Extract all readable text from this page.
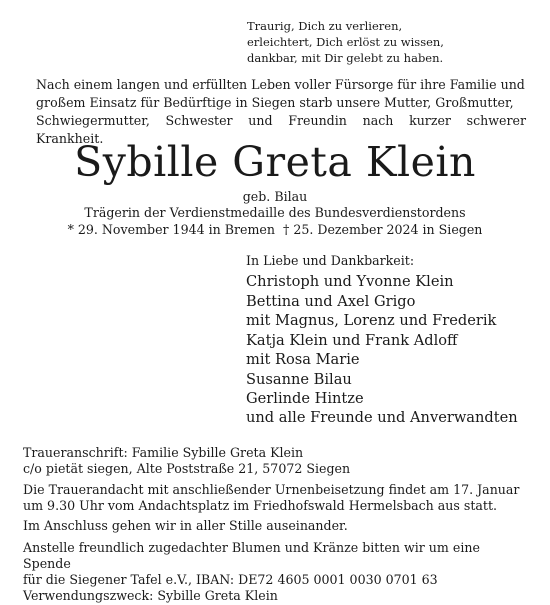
Traurig, Dich zu verlieren,
erleichtert, Dich erlöst zu wissen,
dankbar, mit Dir gelebt zu haben.
Nach einem langen und erfüllten Leben voller Fürsorge für ihre Familie und
großem Einsatz für Bedürftige in Siegen starb unsere Mutter, Großmutter,
Schwiegermutter, Schwester und Freundin nach kurzer schwerer Krankheit.
Sybille Greta Klein
geb. Bilau
Trägerin der Verdienstmedaille des Bundesverdienstordens
* 29. November 1944 in Bremen † 25. Dezember 2024 in Siegen
In Liebe und Dankbarkeit:
Christoph und Yvonne Klein
Bettina und Axel Grigo
mit Magnus, Lorenz und Frederik
Katja Klein und Frank Adloff
mit Rosa Marie
Susanne Bilau
Gerlinde Hintze
und alle Freunde und Anverwandten
Traueranschrift: Familie Sybille Greta Klein
c/o pietät siegen, Alte Poststraße 21, 57072 Siegen
Die Trauerandacht mit anschließender Urnenbeisetzung findet am 17. Januar
um 9.30 Uhr vom Andachtsplatz im Friedhofswald Hermelsbach aus statt.
Im Anschluss gehen wir in aller Stille auseinander.
Anstelle freundlich zugedachter Blumen und Kränze bitten wir um eine Spende
für die Siegener Tafel e.V., IBAN: DE72 4605 0001 0030 0701 63
Verwendungszweck: Sybille Greta Klein
